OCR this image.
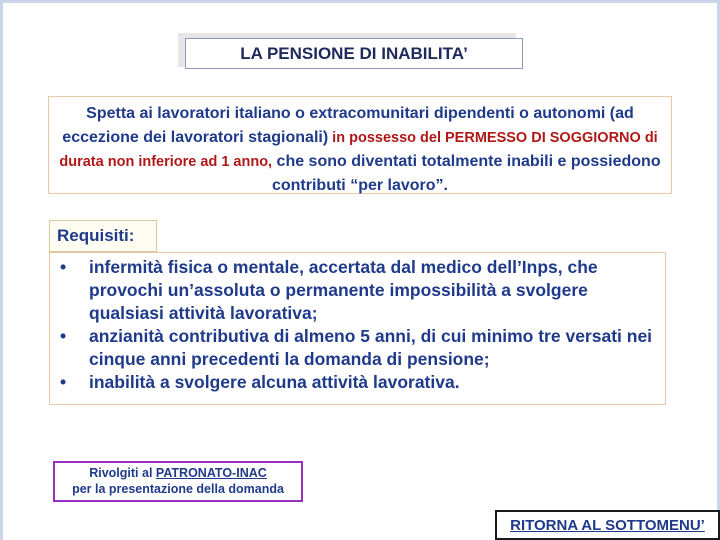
LA PENSIONE DI INABILITA’
Spetta ai lavoratori italiano o extracomunitari dipendenti o autonomi (ad eccezione dei lavoratori stagionali) in possesso del PERMESSO DI SOGGIORNO di durata non inferiore ad 1 anno, che sono diventati totalmente inabili e possiedono contributi “per lavoro”.
Requisiti:
• infermità fisica o mentale, accertata dal medico dell’Inps, che provochi un’assoluta o permanente impossibilità a svolgere qualsiasi attività lavorativa;
• anzianità contributiva di almeno 5 anni, di cui minimo tre versati nei cinque anni precedenti la domanda di pensione;
• inabilità a svolgere alcuna attività lavorativa.
Rivolgiti al PATRONATO-INAC
per la presentazione della domanda
RITORNA AL SOTTOMENU’
